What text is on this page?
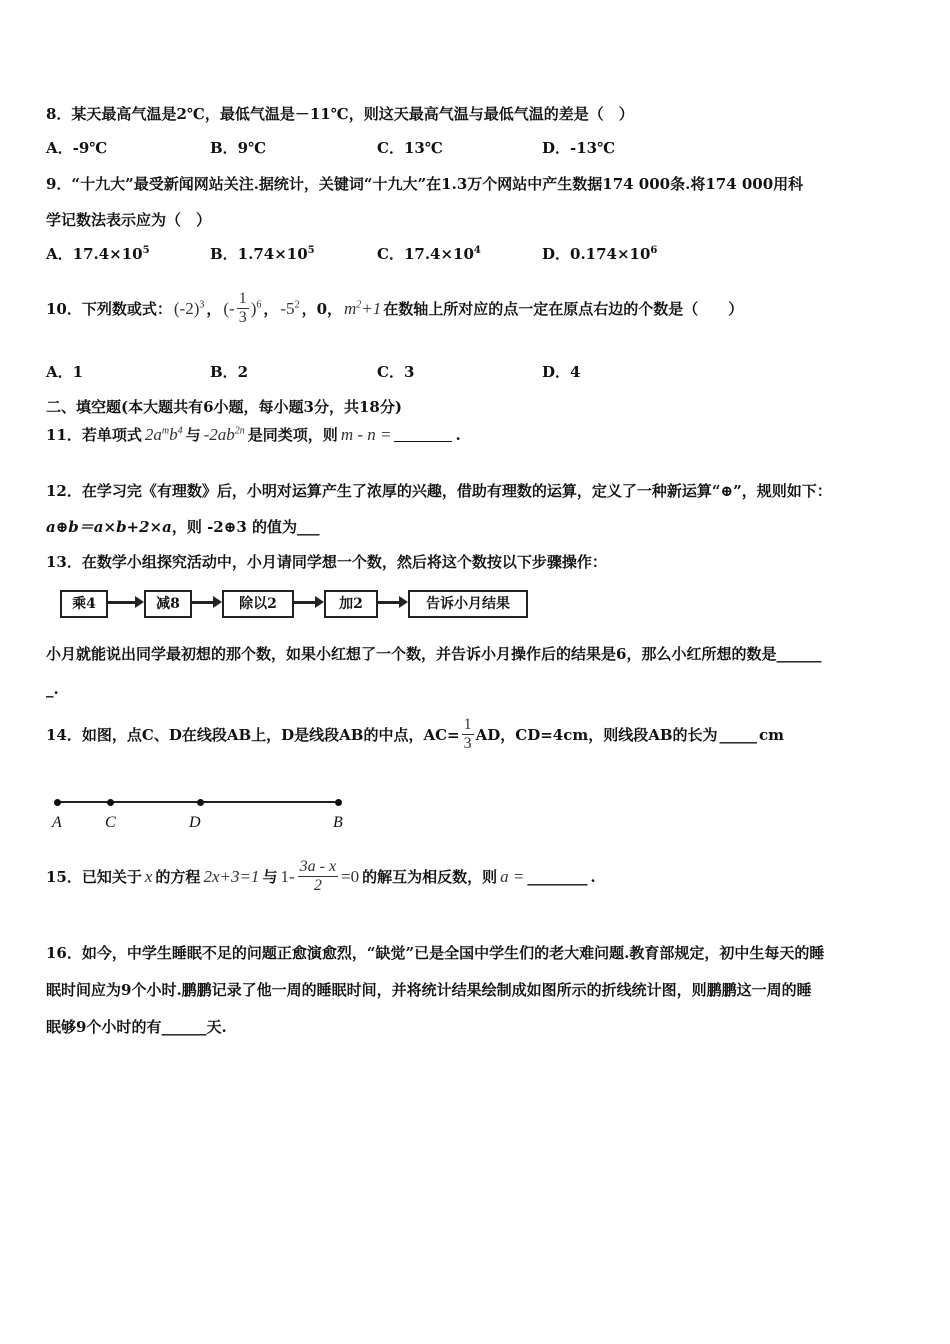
8．某天最高气温是2℃，最低气温是－11℃，则这天最高气温与最低气温的差是（　）
A．-9℃	B．9℃	C．13℃	D．-13℃
9．“十九大”最受新闻网站关注.据统计，关键词“十九大”在1.3万个网站中产生数据174 000条.将174 000用科
学记数法表示应为（　）
A．$17.4\times 10^5$	B．$1.74\times 10^5$	C．$17.4\times 10^4$	D．$0.174\times 10^6$
10．下列数或式： $(-2)^3$ ， (- $\frac{1}{3} )^6$ ， $-5^2$ ，0， $m^2+1$ 在数轴上所对应的点一定在原点右边的个数是（　　）
A．1	B．2	C．3	D．4
二、填空题(本大题共有6小题，每小题3分，共18分)
11．若单项式 $2a^mb^4$ 与 $-2ab^{2n}$ 是同类项，则 m - n =	.
12．在学习完《有理数》后，小明对运算产生了浓厚的兴趣，借助有理数的运算，定义了一种新运算“⊕”，规则如下：
a⊕b＝a×b+2×a，则 -2⊕3 的值为___
13．在数学小组探究活动中，小月请同学想一个数，然后将这个数按以下步骤操作：
乘4	减8	除以2	加2	告诉小月结果
小月就能说出同学最初想的那个数，如果小红想了一个数，并告诉小月操作后的结果是6，那么小红所想的数是______
_.
14．如图，点C、D在线段AB上，D是线段AB的中点，$AC= \frac{1}{3}$ AD，CD=4cm，则线段AB的长为 _____ cm
A	C	D	B
15．已知关于 x 的方程 2x+3=1 与 $1- \frac{3a - x}{2} =0$ 的解互为相反数，则 a = ________ .
16．如今，中学生睡眠不足的问题正愈演愈烈，“缺觉”已是全国中学生们的老大难问题.教育部规定，初中生每天的睡
眠时间应为9个小时.鹏鹏记录了他一周的睡眠时间，并将统计结果绘制成如图所示的折线统计图，则鹏鹏这一周的睡
眠够9个小时的有______天.
